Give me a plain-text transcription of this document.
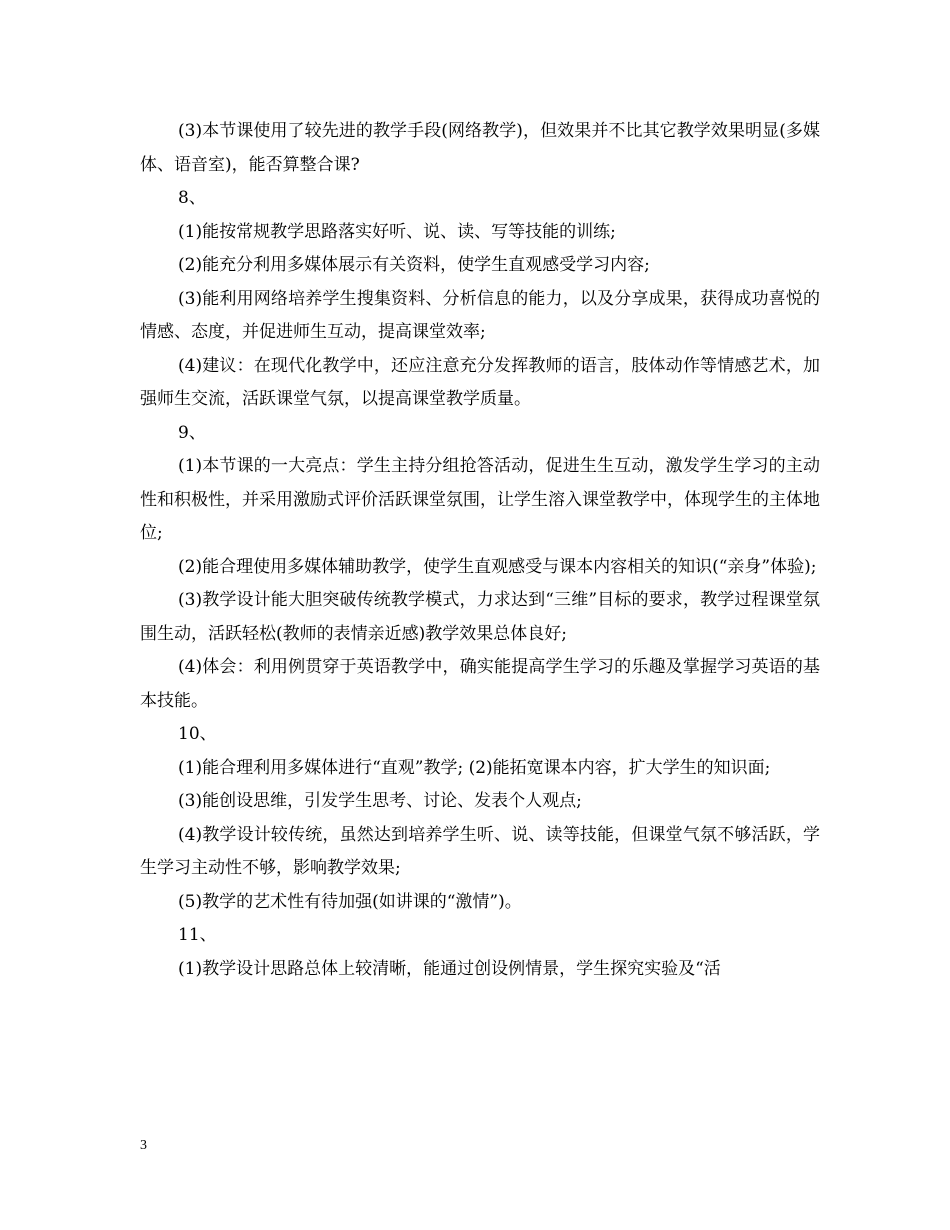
(3)本节课使用了较先进的教学手段(网络教学)，但效果并不比其它教学效果明显(多媒体、语音室)，能否算整合课?

8、

(1)能按常规教学思路落实好听、说、读、写等技能的训练;

(2)能充分利用多媒体展示有关资料，使学生直观感受学习内容;

(3)能利用网络培养学生搜集资料、分析信息的能力，以及分享成果，获得成功喜悦的情感、态度，并促进师生互动，提高课堂效率;

(4)建议：在现代化教学中，还应注意充分发挥教师的语言，肢体动作等情感艺术，加强师生交流，活跃课堂气氛，以提高课堂教学质量。

9、

(1)本节课的一大亮点：学生主持分组抢答活动，促进生生互动，激发学生学习的主动性和积极性，并采用激励式评价活跃课堂氛围，让学生溶入课堂教学中，体现学生的主体地位;

(2)能合理使用多媒体辅助教学，使学生直观感受与课本内容相关的知识(“亲身”体验);

(3)教学设计能大胆突破传统教学模式，力求达到“三维”目标的要求，教学过程课堂氛围生动，活跃轻松(教师的表情亲近感)教学效果总体良好;

(4)体会：利用例贯穿于英语教学中，确实能提高学生学习的乐趣及掌握学习英语的基本技能。

10、

(1)能合理利用多媒体进行“直观”教学; (2)能拓宽课本内容，扩大学生的知识面;

(3)能创设思维，引发学生思考、讨论、发表个人观点;

(4)教学设计较传统，虽然达到培养学生听、说、读等技能，但课堂气氛不够活跃，学生学习主动性不够，影响教学效果;

(5)教学的艺术性有待加强(如讲课的“激情”)。

11、

(1)教学设计思路总体上较清晰，能通过创设例情景，学生探究实验及“活

3
